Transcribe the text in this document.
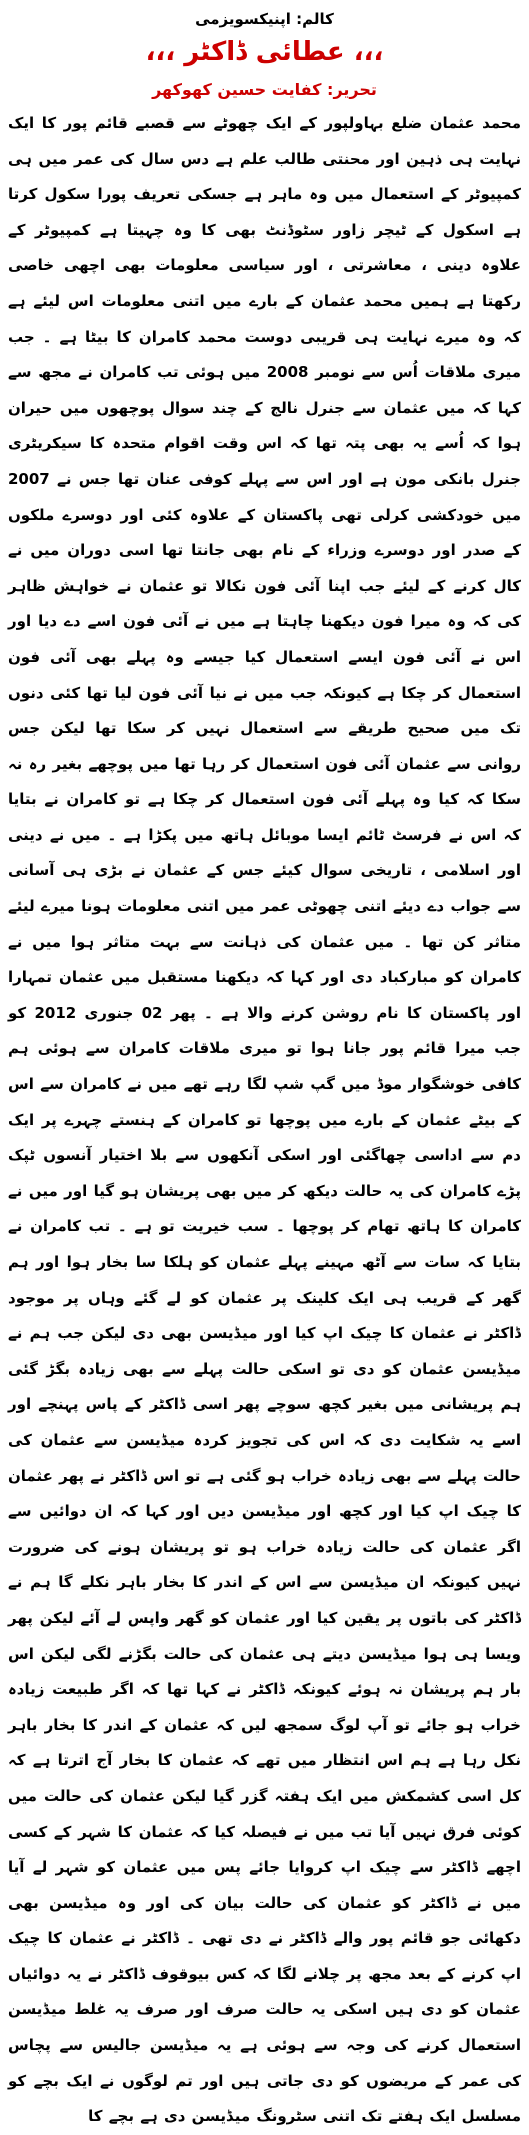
کالم: اپنیکسویزمی
،،، عطائی ڈاکٹر ،،،
تحریر: کفایت حسین کھوکھر

محمد عثمان ضلع بہاولپور کے ایک چھوٹے سے قصبے قائم پور کا ایک نہایت ہی ذہین اور محنتی طالب علم ہے دس سال کی عمر میں ہی کمپیوٹر کے استعمال میں وہ ماہر ہے جسکی تعریف پورا سکول کرتا ہے اسکول کے ٹیچر زاور سٹوڈنٹ بھی کا وہ چہیتا ہے کمپیوٹر کے علاوہ دینی ، معاشرتی ، اور سیاسی معلومات بھی اچھی خاصی رکھتا ہے ہمیں محمد عثمان کے بارے میں اتنی معلومات اس لیئے ہے کہ وہ میرے نہایت ہی قریبی دوست محمد کامران کا بیٹا ہے ۔ جب میری ملاقات اُس سے نومبر 2008 میں ہوئی تب کامران نے مجھ سے کہا کہ میں عثمان سے جنرل نالج کے چند سوال پوچھوں میں حیران ہوا کہ اُسے یہ بھی پتہ تھا کہ اس وقت اقوام متحدہ کا سیکریٹری جنرل بانکی مون ہے اور اس سے پہلے کوفی عنان تھا جس نے 2007 میں خودکشی کرلی تھی پاکستان کے علاوہ کئی اور دوسرے ملکوں کے صدر اور دوسرے وزراء کے نام بھی جانتا تھا اسی دوران میں نے کال کرنے کے لیئے جب اپنا آئی فون نکالا تو عثمان نے خواہش ظاہر کی کہ وہ میرا فون دیکھنا چاہتا ہے میں نے آئی فون اسے دے دیا اور اس نے آئی فون ایسے استعمال کیا جیسے وہ پہلے بھی آئی فون استعمال کر چکا ہے کیونکہ جب میں نے نیا آئی فون لیا تھا کئی دنوں تک میں صحیح طریقے سے استعمال نہیں کر سکا تھا لیکن جس روانی سے عثمان آئی فون استعمال کر رہا تھا میں پوچھے بغیر رہ نہ سکا کہ کیا وہ پہلے آئی فون استعمال کر چکا ہے تو کامران نے بتایا کہ اس نے فرسٹ ٹائم ایسا موبائل ہاتھ میں پکڑا ہے ۔ میں نے دینی اور اسلامی ، تاریخی سوال کیئے جس کے عثمان نے بڑی ہی آسانی سے جواب دے دیئے اتنی چھوٹی عمر میں اتنی معلومات ہونا میرے لیئے متاثر کن تھا ۔ میں عثمان کی ذہانت سے بہت متاثر ہوا میں نے کامران کو مبارکباد دی اور کہا کہ دیکھنا مستقبل میں عثمان تمہارا اور پاکستان کا نام روشن کرنے والا ہے ۔ پھر 02 جنوری 2012 کو جب میرا قائم پور جانا ہوا تو میری ملاقات کامران سے ہوئی ہم کافی خوشگوار موڈ میں گپ شپ لگا رہے تھے میں نے کامران سے اس کے بیٹے عثمان کے بارے میں پوچھا تو کامران کے ہنستے چہرے پر ایک دم سے اداسی چھاگئی اور اسکی آنکھوں سے بلا اختیار آنسوں ٹپک پڑے کامران کی یہ حالت دیکھ کر میں بھی پریشان ہو گیا اور میں نے کامران کا ہاتھ تھام کر پوچھا ۔ سب خیریت تو ہے ۔ تب کامران نے بتایا کہ سات سے آٹھ مہینے پہلے عثمان کو ہلکا سا بخار ہوا اور ہم گھر کے قریب ہی ایک کلینک پر عثمان کو لے گئے وہاں پر موجود ڈاکٹر نے عثمان کا چیک اپ کیا اور میڈیسن بھی دی لیکن جب ہم نے میڈیسن عثمان کو دی تو اسکی حالت پہلے سے بھی زیادہ بگڑ گئی ہم پریشانی میں بغیر کچھ سوچے پھر اسی ڈاکٹر کے پاس پہنچے اور اسے یہ شکایت دی کہ اس کی تجویز کردہ میڈیسن سے عثمان کی حالت پہلے سے بھی زیادہ خراب ہو گئی ہے تو اس ڈاکٹر نے پھر عثمان کا چیک اپ کیا اور کچھ اور میڈیسن دیں اور کہا کہ ان دوائیں سے اگر عثمان کی حالت زیادہ خراب ہو تو پریشان ہونے کی ضرورت نہیں کیونکہ ان میڈیسن سے اس کے اندر کا بخار باہر نکلے گا ہم نے ڈاکٹر کی باتوں پر یقین کیا اور عثمان کو گھر واپس لے آئے لیکن پھر ویسا ہی ہوا میڈیسن دیتے ہی عثمان کی حالت بگڑنے لگی لیکن اس بار ہم پریشان نہ ہوئے کیونکہ ڈاکٹر نے کہا تھا کہ اگر طبیعت زیادہ خراب ہو جائے تو آپ لوگ سمجھ لیں کہ عثمان کے اندر کا بخار باہر نکل رہا ہے ہم اس انتظار میں تھے کہ عثمان کا بخار آج اترتا ہے کہ کل اسی کشمکش میں ایک ہفتہ گزر گیا لیکن عثمان کی حالت میں کوئی فرق نہیں آیا تب میں نے فیصلہ کیا کہ عثمان کا شہر کے کسی اچھے ڈاکٹر سے چیک اپ کروایا جائے پس میں عثمان کو شہر لے آیا میں نے ڈاکٹر کو عثمان کی حالت بیان کی اور وہ میڈیسن بھی دکھائی جو قائم پور والے ڈاکٹر نے دی تھی ۔ ڈاکٹر نے عثمان کا چیک اپ کرنے کے بعد مجھ پر چلانے لگا کہ کس بیوقوف ڈاکٹر نے یہ دوائیاں عثمان کو دی ہیں اسکی یہ حالت صرف اور صرف یہ غلط میڈیسن استعمال کرنے کی وجہ سے ہوئی ہے یہ میڈیسن جالیس سے پچاس کی عمر کے مریضوں کو دی جاتی ہیں اور تم لوگوں نے ایک بچے کو مسلسل ایک ہفتے تک اتنی سٹرونگ میڈیسن دی ہے بچے کا
